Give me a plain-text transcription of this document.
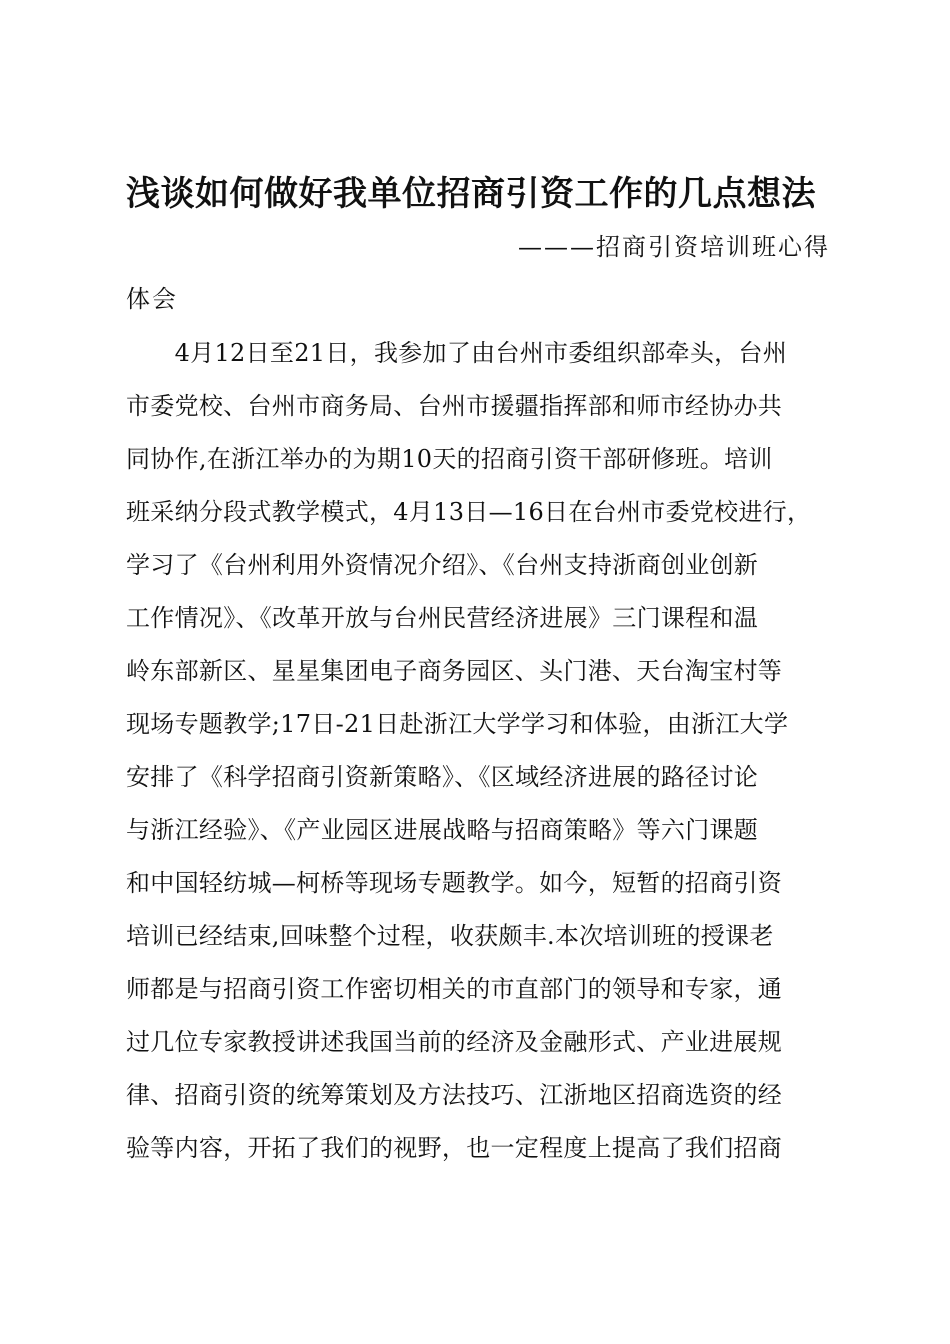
浅谈如何做好我单位招商引资工作的几点想法

———招商引资培训班心得

体会

　　4月12日至21日，我参加了由台州市委组织部牵头，台州
市委党校、台州市商务局、台州市援疆指挥部和师市经协办共
同协作,在浙江举办的为期10天的招商引资干部研修班。培训
班采纳分段式教学模式，4月13日—16日在台州市委党校进行，
学习了《台州利用外资情况介绍》、《台州支持浙商创业创新
工作情况》、《改革开放与台州民营经济进展》三门课程和温
岭东部新区、星星集团电子商务园区、头门港、天台淘宝村等
现场专题教学;17日-21日赴浙江大学学习和体验，由浙江大学
安排了《科学招商引资新策略》、《区域经济进展的路径讨论
与浙江经验》、《产业园区进展战略与招商策略》等六门课题
和中国轻纺城—柯桥等现场专题教学。如今，短暂的招商引资
培训已经结束,回味整个过程，收获颇丰.本次培训班的授课老
师都是与招商引资工作密切相关的市直部门的领导和专家，通
过几位专家教授讲述我国当前的经济及金融形式、产业进展规
律、招商引资的统筹策划及方法技巧、江浙地区招商选资的经
验等内容，开拓了我们的视野，也一定程度上提高了我们招商
